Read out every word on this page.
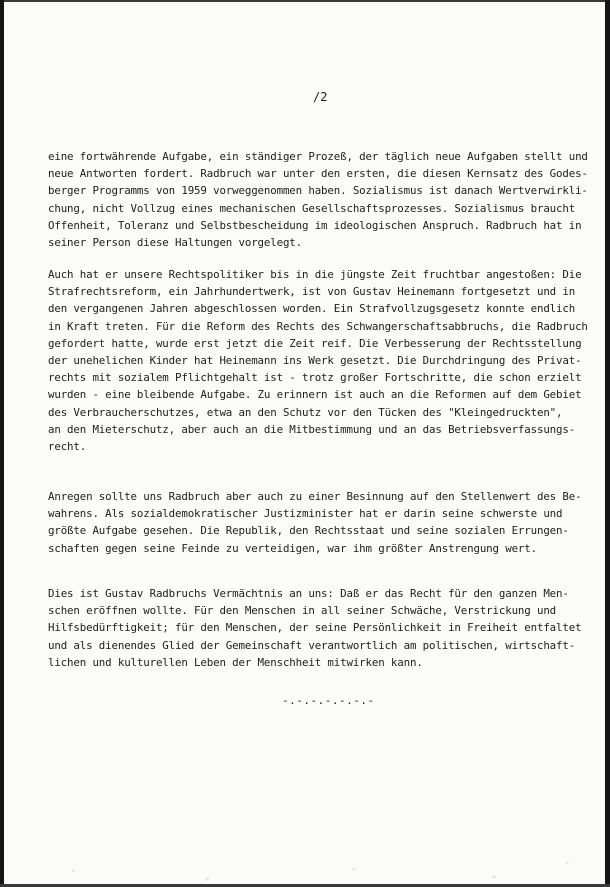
/2
eine fortwährende Aufgabe, ein ständiger Prozeß, der täglich neue Aufgaben stellt und
neue Antworten fordert. Radbruch war unter den ersten, die diesen Kernsatz des Godes-
berger Programms von 1959 vorweggenommen haben. Sozialismus ist danach Wertverwirkli-
chung, nicht Vollzug eines mechanischen Gesellschaftsprozesses. Sozialismus braucht
Offenheit, Toleranz und Selbstbescheidung im ideologischen Anspruch. Radbruch hat in
seiner Person diese Haltungen vorgelegt.
Auch hat er unsere Rechtspolitiker bis in die jüngste Zeit fruchtbar angestoßen: Die
Strafrechtsreform, ein Jahrhundertwerk, ist von Gustav Heinemann fortgesetzt und in
den vergangenen Jahren abgeschlossen worden. Ein Strafvollzugsgesetz konnte endlich
in Kraft treten. Für die Reform des Rechts des Schwangerschaftsabbruchs, die Radbruch
gefordert hatte, wurde erst jetzt die Zeit reif. Die Verbesserung der Rechtsstellung
der unehelichen Kinder hat Heinemann ins Werk gesetzt. Die Durchdringung des Privat-
rechts mit sozialem Pflichtgehalt ist - trotz großer Fortschritte, die schon erzielt
wurden - eine bleibende Aufgabe. Zu erinnern ist auch an die Reformen auf dem Gebiet
des Verbraucherschutzes, etwa an den Schutz vor den Tücken des "Kleingedruckten",
an den Mieterschutz, aber auch an die Mitbestimmung und an das Betriebsverfassungs-
recht.
Anregen sollte uns Radbruch aber auch zu einer Besinnung auf den Stellenwert des Be-
wahrens. Als sozialdemokratischer Justizminister hat er darin seine schwerste und
größte Aufgabe gesehen. Die Republik, den Rechtsstaat und seine sozialen Errungen-
schaften gegen seine Feinde zu verteidigen, war ihm größter Anstrengung wert.
Dies ist Gustav Radbruchs Vermächtnis an uns: Daß er das Recht für den ganzen Men-
schen eröffnen wollte. Für den Menschen in all seiner Schwäche, Verstrickung und
Hilfsbedürftigkeit; für den Menschen, der seine Persönlichkeit in Freiheit entfaltet
und als dienendes Glied der Gemeinschaft verantwortlich am politischen, wirtschaft-
lichen und kulturellen Leben der Menschheit mitwirken kann.
-.-.-.-.-.-.-
